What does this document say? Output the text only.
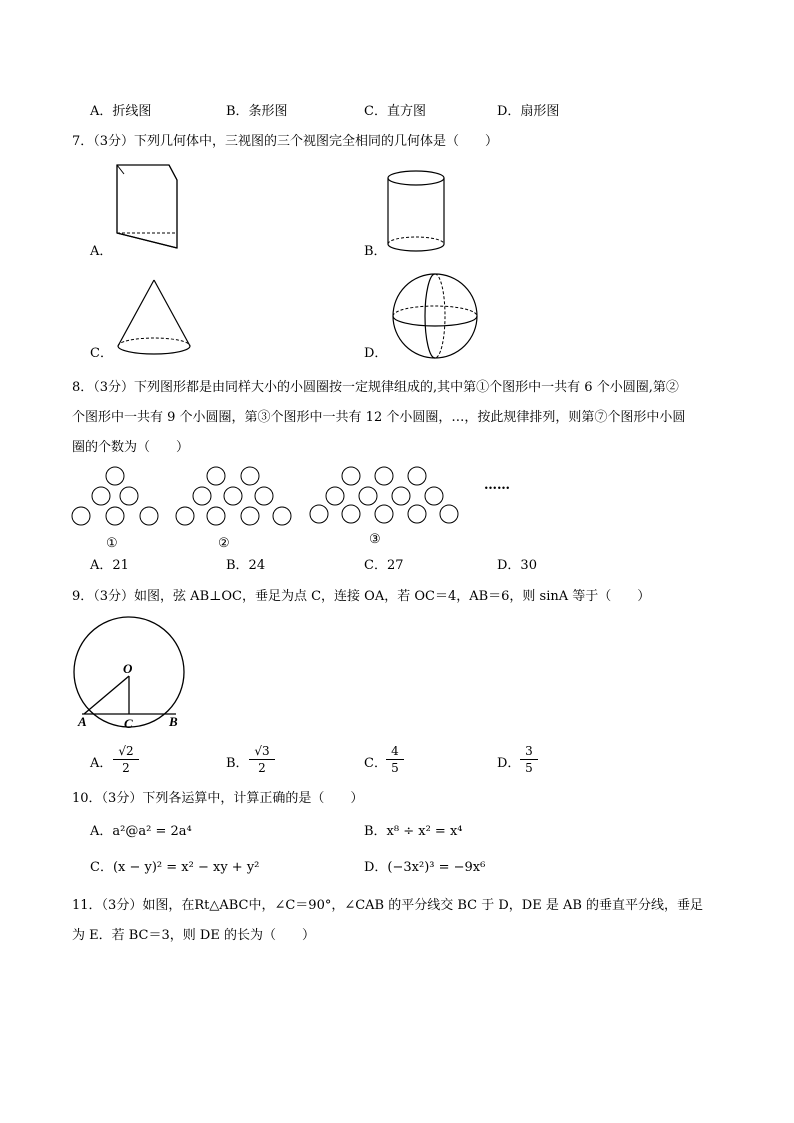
A．折线图	B．条形图	C．直方图	D．扇形图
7．（3分）下列几何体中，三视图的三个视图完全相同的几何体是（　　）
A．	B．
C．	D．
8．（3分）下列图形都是由同样大小的小圆圈按一定规律组成的,其中第①个图形中一共有 6 个小圆圈,第②
个图形中一共有 9 个小圆圈，第③个图形中一共有 12 个小圆圈，…，按此规律排列，则第⑦个图形中小圆
圈的个数为（　　）
①	②	③
……
A．21	B．24	C．27	D．30
9．（3分）如图，弦 AB⊥OC，垂足为点 C，连接 OA，若 OC＝4，AB＝6，则 sinA 等于（　　）
O
A	C	B
A．
√2
2	B．
√3
2	C．
4
5	D．
3
5
10．（3分）下列各运算中，计算正确的是（　　）
A．a²@a² = 2a⁴	B．x⁸ ÷ x² = x⁴
C．(x − y)² = x² − xy + y²	D．(−3x²)³ = −9x⁶
11．（3分）如图，在Rt△ABC中，∠C＝90°，∠CAB 的平分线交 BC 于 D，DE 是 AB 的垂直平分线，垂足
为 E．若 BC＝3，则 DE 的长为（　　）
